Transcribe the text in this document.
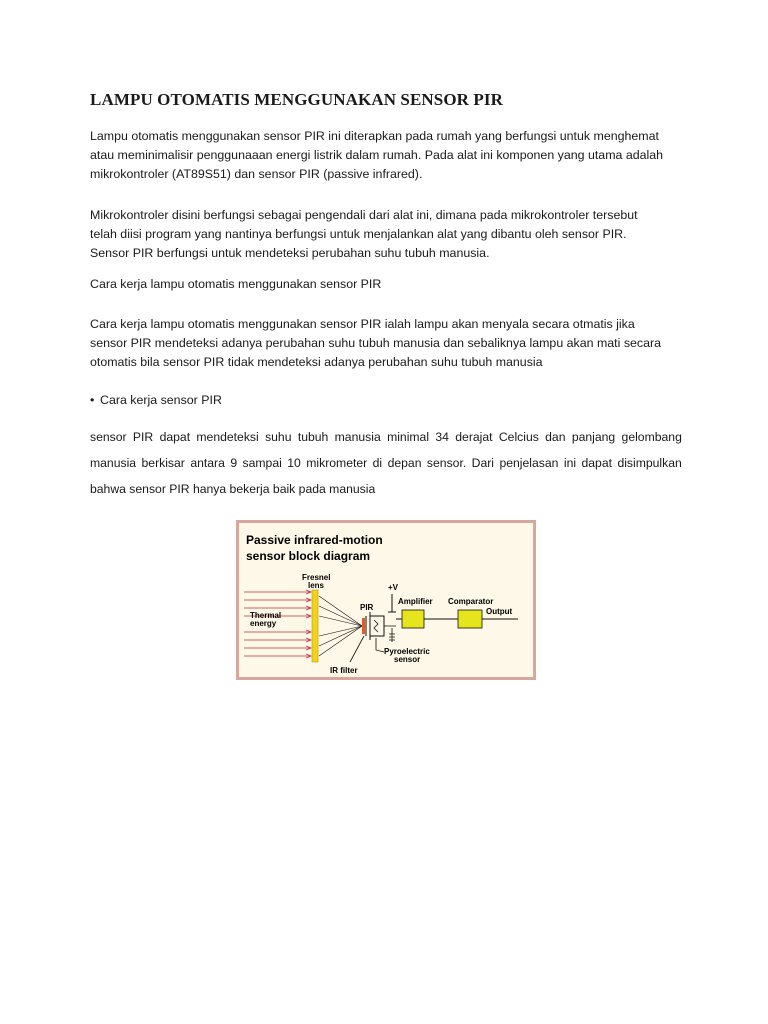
LAMPU OTOMATIS MENGGUNAKAN SENSOR PIR

Lampu otomatis menggunakan sensor PIR ini diterapkan pada rumah yang berfungsi untuk menghemat
atau meminimalisir penggunaaan energi listrik dalam rumah. Pada alat ini komponen yang utama adalah
mikrokontroler (AT89S51) dan sensor PIR (passive infrared).

Mikrokontroler disini berfungsi sebagai pengendali dari alat ini, dimana pada mikrokontroler tersebut
telah diisi program yang nantinya berfungsi untuk menjalankan alat yang dibantu oleh sensor PIR.
Sensor PIR berfungsi untuk mendeteksi perubahan suhu tubuh manusia.

Cara kerja lampu otomatis menggunakan sensor PIR

Cara kerja lampu otomatis menggunakan sensor PIR ialah lampu akan menyala secara otmatis jika
sensor PIR mendeteksi adanya perubahan suhu tubuh manusia dan sebaliknya lampu akan mati secara
otomatis bila sensor PIR tidak mendeteksi adanya perubahan suhu tubuh manusia

• Cara kerja sensor PIR

sensor PIR dapat mendeteksi suhu tubuh manusia minimal 34 derajat Celcius dan panjang gelombang
manusia berkisar antara 9 sampai 10 mikrometer di depan sensor. Dari penjelasan ini dapat disimpulkan
bahwa sensor PIR hanya bekerja baik pada manusia
Passive infrared-motion
sensor block diagram
Fresnel
lens
Thermal
energy
PIR
+V
Amplifier Comparator
Output
Pyroelectric
sensor
IR filter
